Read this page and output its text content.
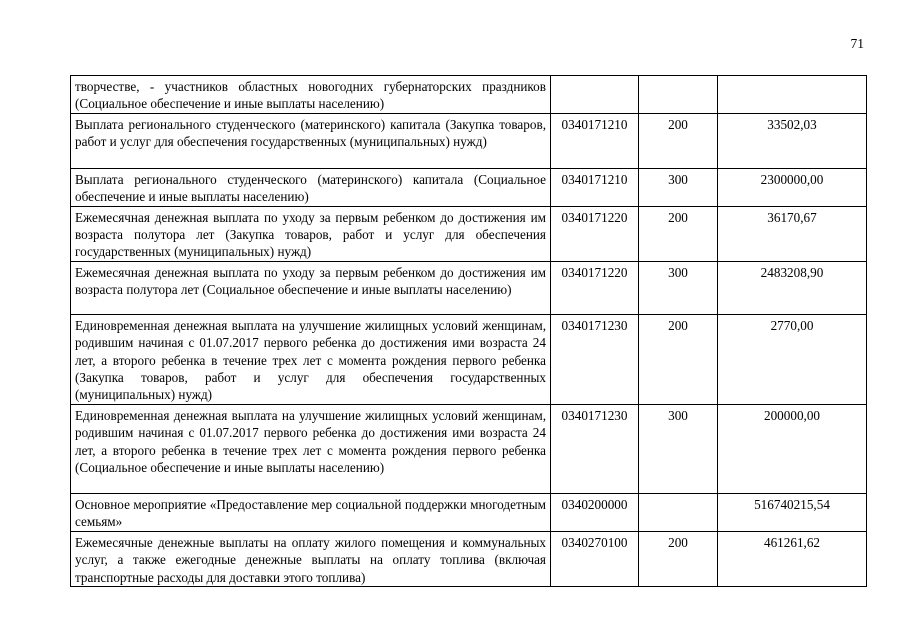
71
творчестве, - участников областных новогодних губернаторских праздников (Социальное обеспечение и иные выплаты населению)			
Выплата регионального студенческого (материнского) капитала (Закупка товаров, работ и услуг для обеспечения государственных (муниципальных) нужд)	0340171210	200	33502,03
Выплата регионального студенческого (материнского) капитала (Социальное обеспечение и иные выплаты населению)	0340171210	300	2300000,00
Ежемесячная денежная выплата по уходу за первым ребенком до достижения им возраста полутора лет (Закупка товаров, работ и услуг для обеспечения государственных (муниципальных) нужд)	0340171220	200	36170,67
Ежемесячная денежная выплата по уходу за первым ребенком до достижения им возраста полутора лет (Социальное обеспечение и иные выплаты населению)	0340171220	300	2483208,90
Единовременная денежная выплата на улучшение жилищных условий женщинам, родившим начиная с 01.07.2017 первого ребенка до достижения ими возраста 24 лет, а второго ребенка в течение трех лет с момента рождения первого ребенка (Закупка товаров, работ и услуг для обеспечения государственных (муниципальных) нужд)	0340171230	200	2770,00
Единовременная денежная выплата на улучшение жилищных условий женщинам, родившим начиная с 01.07.2017 первого ребенка до достижения ими возраста 24 лет, а второго ребенка в течение трех лет с момента рождения первого ребенка (Социальное обеспечение и иные выплаты населению)	0340171230	300	200000,00
Основное мероприятие «Предоставление мер социальной поддержки многодетным семьям»	0340200000		516740215,54
Ежемесячные денежные выплаты на оплату жилого помещения и коммунальных услуг, а также ежегодные денежные выплаты на оплату топлива (включая транспортные расходы для доставки этого топлива)	0340270100	200	461261,62
